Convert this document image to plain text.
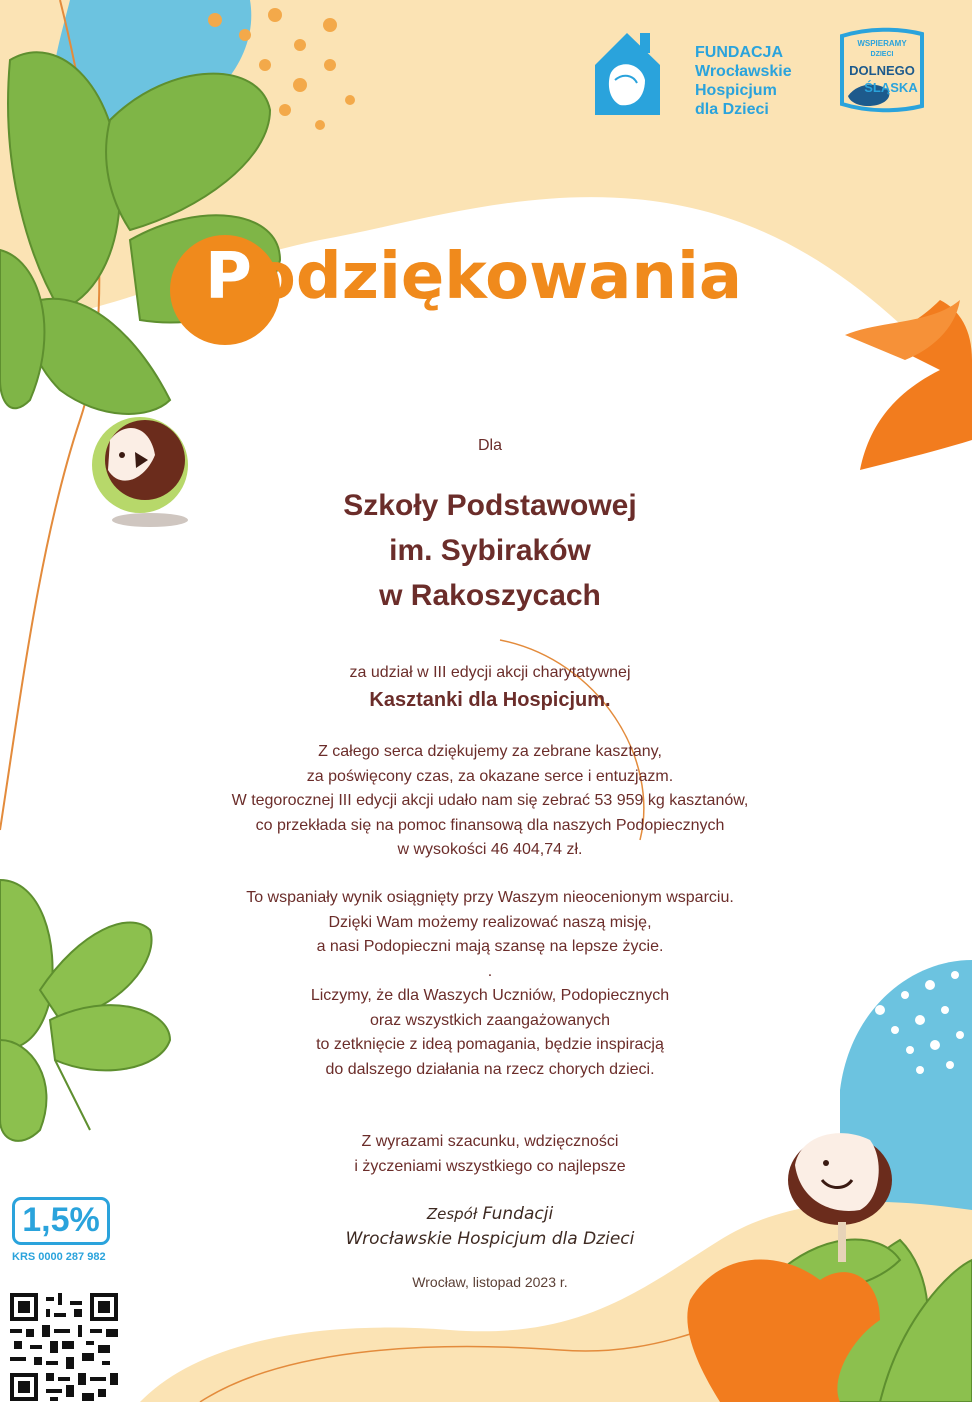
FUNDACJA
Wrocławskie
Hospicjum
dla Dzieci
WSPIERAMY
DZIECI
DOLNEGO
ŚLĄSKA
Podziękowania
Dla
Szkoły Podstawowej
im. Sybiraków
w Rakoszycach
za udział w III edycji akcji charytatywnej
Kasztanki dla Hospicjum.
Z całego serca dziękujemy za zebrane kasztany,
za poświęcony czas, za okazane serce i entuzjazm.
W tegorocznej III edycji akcji udało nam się zebrać 53 959 kg kasztanów,
co przekłada się na pomoc finansową dla naszych Podopiecznych
w wysokości 46 404,74 zł.
To wspaniały wynik osiągnięty przy Waszym nieocenionym wsparciu.
Dzięki Wam możemy realizować naszą misję,
a nasi Podopieczni mają szansę na lepsze życie.
.
Liczymy, że dla Waszych Uczniów, Podopiecznych
oraz wszystkich zaangażowanych
to zetknięcie z ideą pomagania, będzie inspiracją
do dalszego działania na rzecz chorych dzieci.
Z wyrazami szacunku, wdzięczności
i życzeniami wszystkiego co najlepsze
Zespół Fundacji
Wrocławskie Hospicjum dla Dzieci
Wrocław, listopad 2023 r.
1,5%
KRS 0000 287 982
